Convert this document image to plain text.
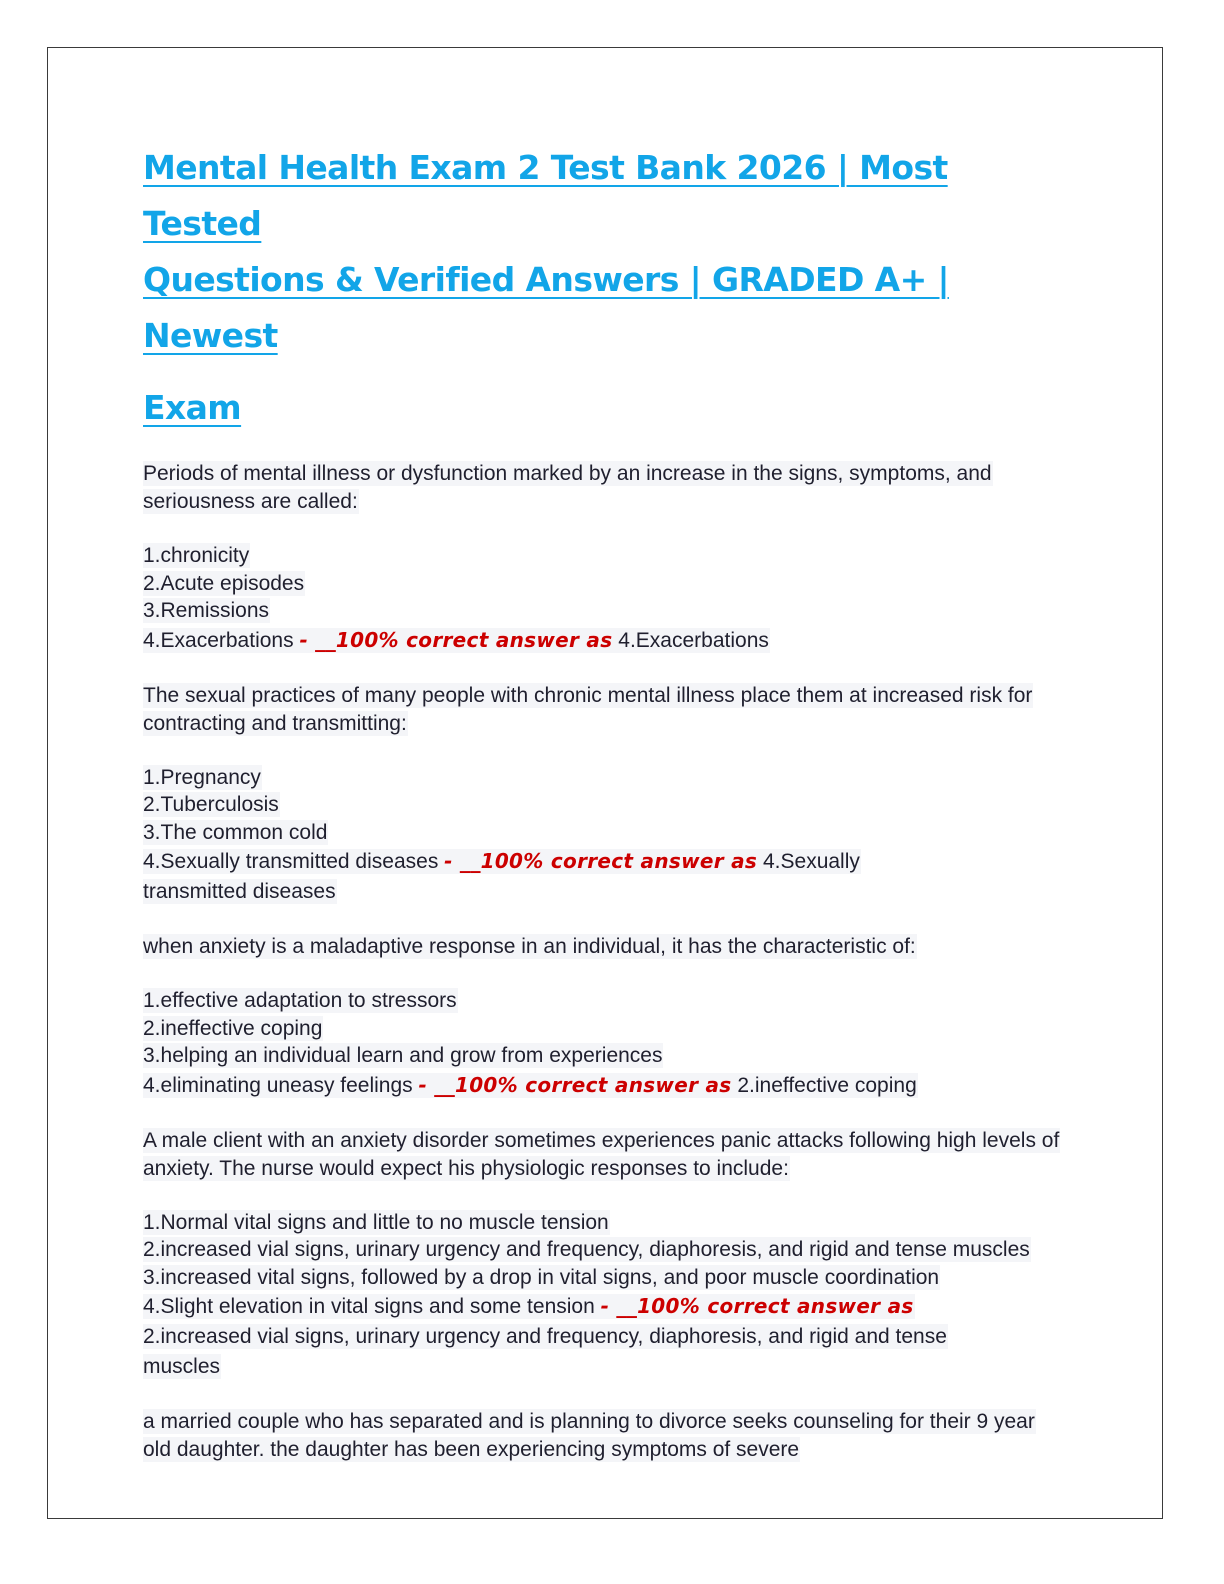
Mental Health Exam 2 Test Bank 2026 | Most Tested
Questions & Verified Answers | GRADED A+ | Newest
Exam

Periods of mental illness or dysfunction marked by an increase in the signs, symptoms, and seriousness are called:

1.chronicity
2.Acute episodes
3.Remissions
4.Exacerbations - __100% correct answer as 4.Exacerbations

The sexual practices of many people with chronic mental illness place them at increased risk for contracting and transmitting:

1.Pregnancy
2.Tuberculosis
3.The common cold
4.Sexually transmitted diseases - __100% correct answer as 4.Sexually transmitted diseases

when anxiety is a maladaptive response in an individual, it has the characteristic of:

1.effective adaptation to stressors
2.ineffective coping
3.helping an individual learn and grow from experiences
4.eliminating uneasy feelings - __100% correct answer as 2.ineffective coping

A male client with an anxiety disorder sometimes experiences panic attacks following high levels of anxiety. The nurse would expect his physiologic responses to include:

1.Normal vital signs and little to no muscle tension
2.increased vial signs, urinary urgency and frequency, diaphoresis, and rigid and tense muscles
3.increased vital signs, followed by a drop in vital signs, and poor muscle coordination
4.Slight elevation in vital signs and some tension - __100% correct answer as 2.increased vial signs, urinary urgency and frequency, diaphoresis, and rigid and tense muscles

a married couple who has separated and is planning to divorce seeks counseling for their 9 year old daughter. the daughter has been experiencing symptoms of severe
